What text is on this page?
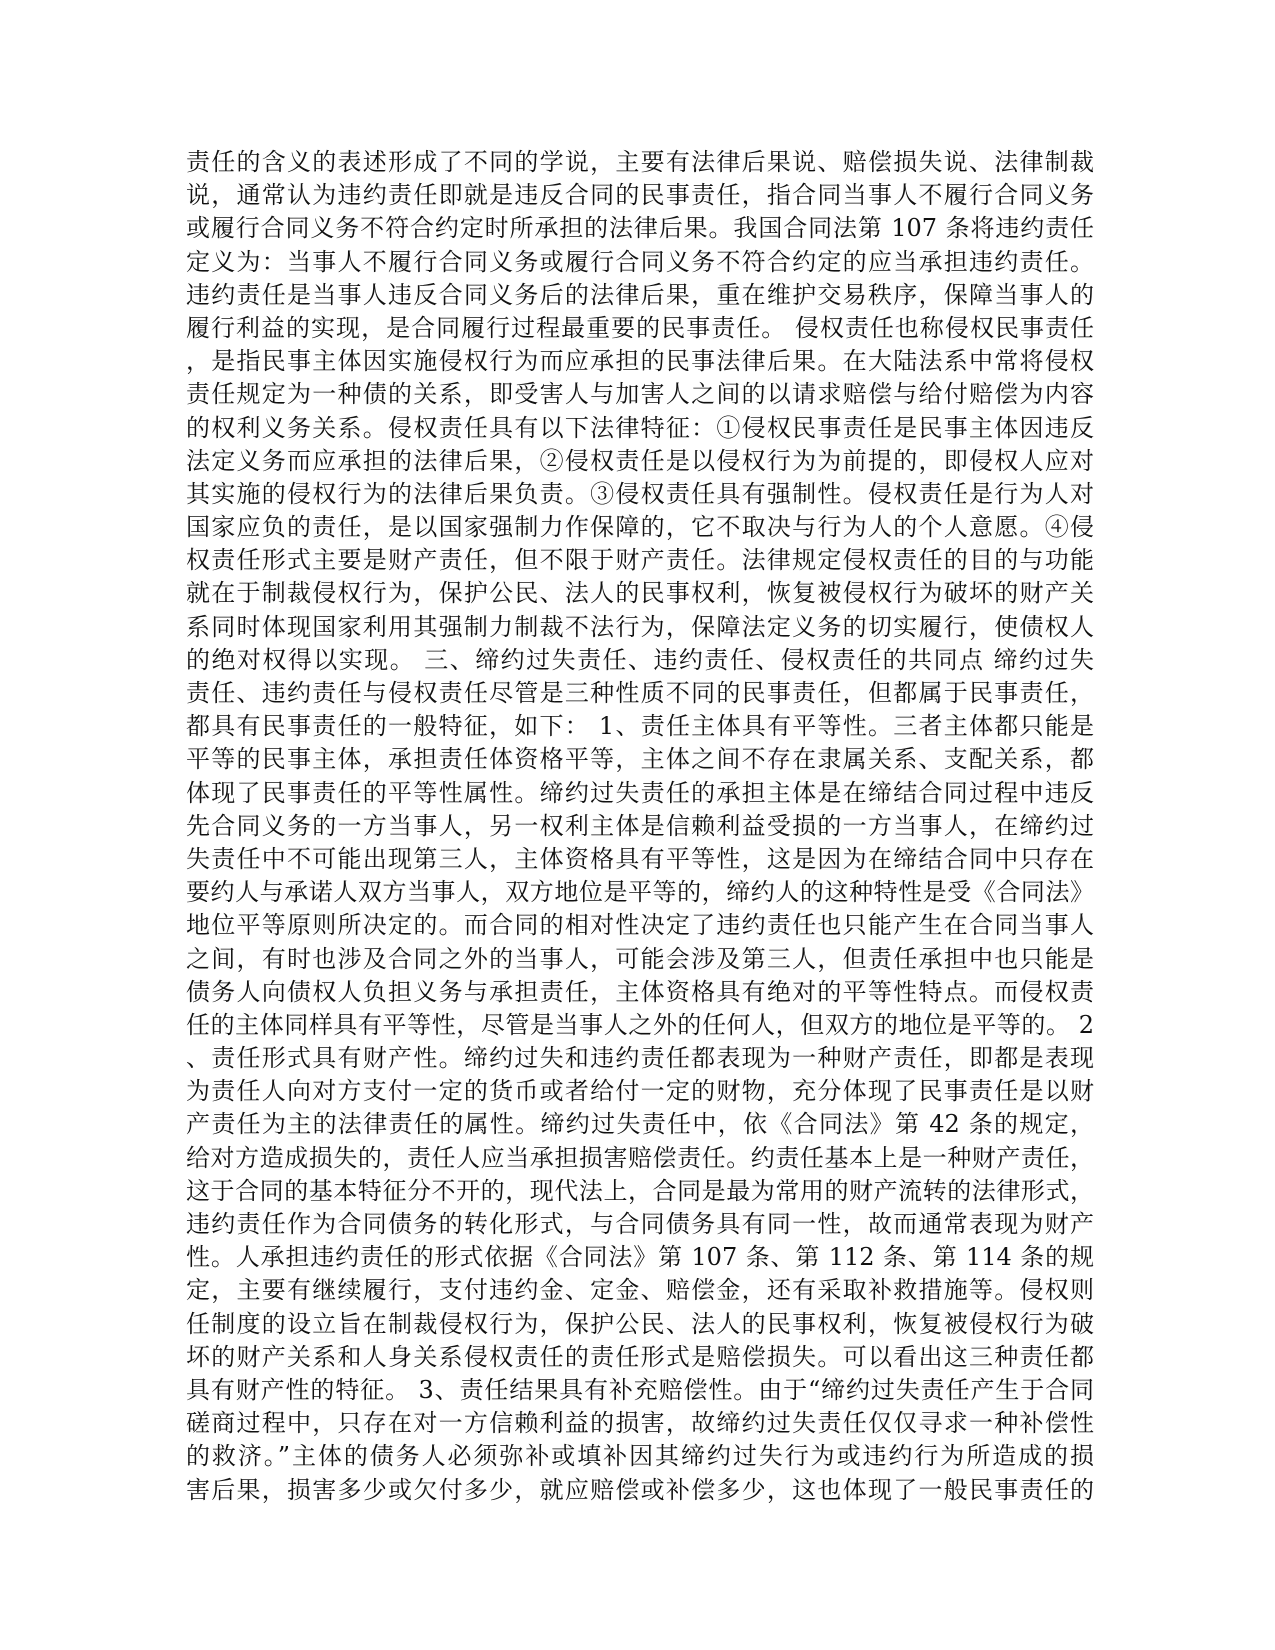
责任的含义的表述形成了不同的学说，主要有法律后果说、赔偿损失说、法律制裁
说，通常认为违约责任即就是违反合同的民事责任，指合同当事人不履行合同义务
或履行合同义务不符合约定时所承担的法律后果。我国合同法第 107 条将违约责任
定义为：当事人不履行合同义务或履行合同义务不符合约定的应当承担违约责任。
违约责任是当事人违反合同义务后的法律后果，重在维护交易秩序，保障当事人的
履行利益的实现，是合同履行过程最重要的民事责任。 侵权责任也称侵权民事责任
，是指民事主体因实施侵权行为而应承担的民事法律后果。在大陆法系中常将侵权
责任规定为一种债的关系，即受害人与加害人之间的以请求赔偿与给付赔偿为内容
的权利义务关系。侵权责任具有以下法律特征：①侵权民事责任是民事主体因违反
法定义务而应承担的法律后果，②侵权责任是以侵权行为为前提的，即侵权人应对
其实施的侵权行为的法律后果负责。③侵权责任具有强制性。侵权责任是行为人对
国家应负的责任，是以国家强制力作保障的，它不取决与行为人的个人意愿。④侵
权责任形式主要是财产责任，但不限于财产责任。法律规定侵权责任的目的与功能
就在于制裁侵权行为，保护公民、法人的民事权利，恢复被侵权行为破坏的财产关
系同时体现国家利用其强制力制裁不法行为，保障法定义务的切实履行，使债权人
的绝对权得以实现。 三、缔约过失责任、违约责任、侵权责任的共同点 缔约过失
责任、违约责任与侵权责任尽管是三种性质不同的民事责任，但都属于民事责任，
都具有民事责任的一般特征，如下： 1、责任主体具有平等性。三者主体都只能是
平等的民事主体，承担责任体资格平等，主体之间不存在隶属关系、支配关系，都
体现了民事责任的平等性属性。缔约过失责任的承担主体是在缔结合同过程中违反
先合同义务的一方当事人，另一权利主体是信赖利益受损的一方当事人，在缔约过
失责任中不可能出现第三人，主体资格具有平等性，这是因为在缔结合同中只存在
要约人与承诺人双方当事人，双方地位是平等的，缔约人的这种特性是受《合同法》
地位平等原则所决定的。而合同的相对性决定了违约责任也只能产生在合同当事人
之间，有时也涉及合同之外的当事人，可能会涉及第三人，但责任承担中也只能是
债务人向债权人负担义务与承担责任，主体资格具有绝对的平等性特点。而侵权责
任的主体同样具有平等性，尽管是当事人之外的任何人，但双方的地位是平等的。 2
、责任形式具有财产性。缔约过失和违约责任都表现为一种财产责任，即都是表现
为责任人向对方支付一定的货币或者给付一定的财物，充分体现了民事责任是以财
产责任为主的法律责任的属性。缔约过失责任中，依《合同法》第 42 条的规定，
给对方造成损失的，责任人应当承担损害赔偿责任。约责任基本上是一种财产责任，
这于合同的基本特征分不开的，现代法上，合同是最为常用的财产流转的法律形式，
违约责任作为合同债务的转化形式，与合同债务具有同一性，故而通常表现为财产
性。人承担违约责任的形式依据《合同法》第 107 条、第 112 条、第 114 条的规
定，主要有继续履行，支付违约金、定金、赔偿金，还有采取补救措施等。侵权则
任制度的设立旨在制裁侵权行为，保护公民、法人的民事权利，恢复被侵权行为破
坏的财产关系和人身关系侵权责任的责任形式是赔偿损失。可以看出这三种责任都
具有财产性的特征。 3、责任结果具有补充赔偿性。由于“缔约过失责任产生于合同
磋商过程中，只存在对一方信赖利益的损害，故缔约过失责任仅仅寻求一种补偿性
的救济。”主体的债务人必须弥补或填补因其缔约过失行为或违约行为所造成的损
害后果，损害多少或欠付多少，就应赔偿或补偿多少，这也体现了一般民事责任的
